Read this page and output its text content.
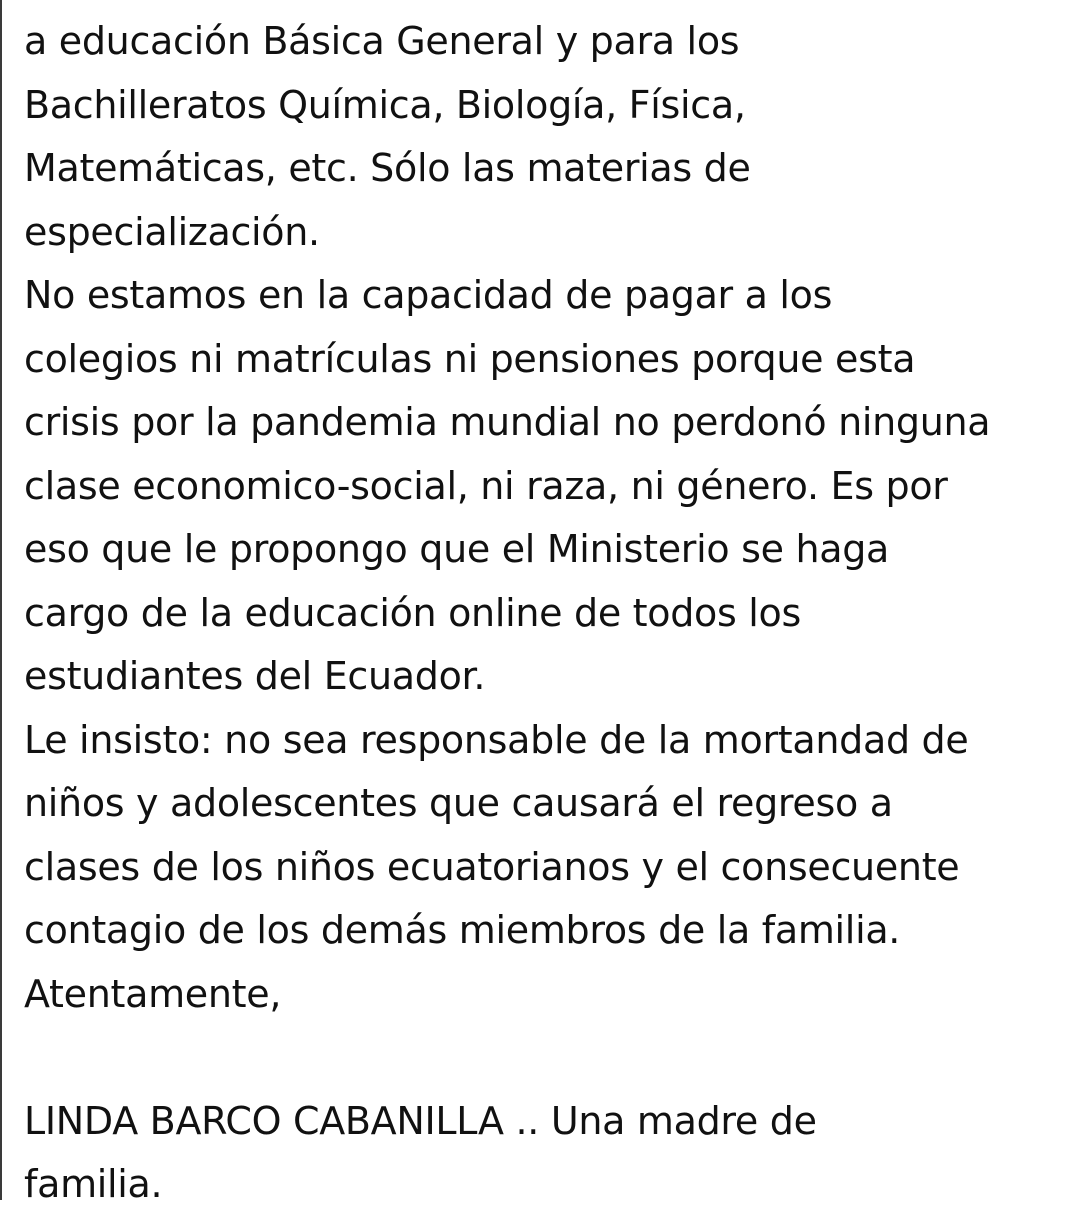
a educación Básica General y para los
Bachilleratos Química, Biología, Física,
Matemáticas, etc. Sólo las materias de
especialización.
No estamos en la capacidad de pagar a los
colegios ni matrículas ni pensiones porque esta
crisis por la pandemia mundial no perdonó ninguna
clase economico-social, ni raza, ni género. Es por
eso que le propongo que el Ministerio se haga
cargo de la educación online de todos los
estudiantes del Ecuador.
Le insisto: no sea responsable de la mortandad de
niños y adolescentes que causará el regreso a
clases de los niños ecuatorianos y el consecuente
contagio de los demás miembros de la familia.
Atentamente,
LINDA BARCO CABANILLA .. Una madre de
familia.
